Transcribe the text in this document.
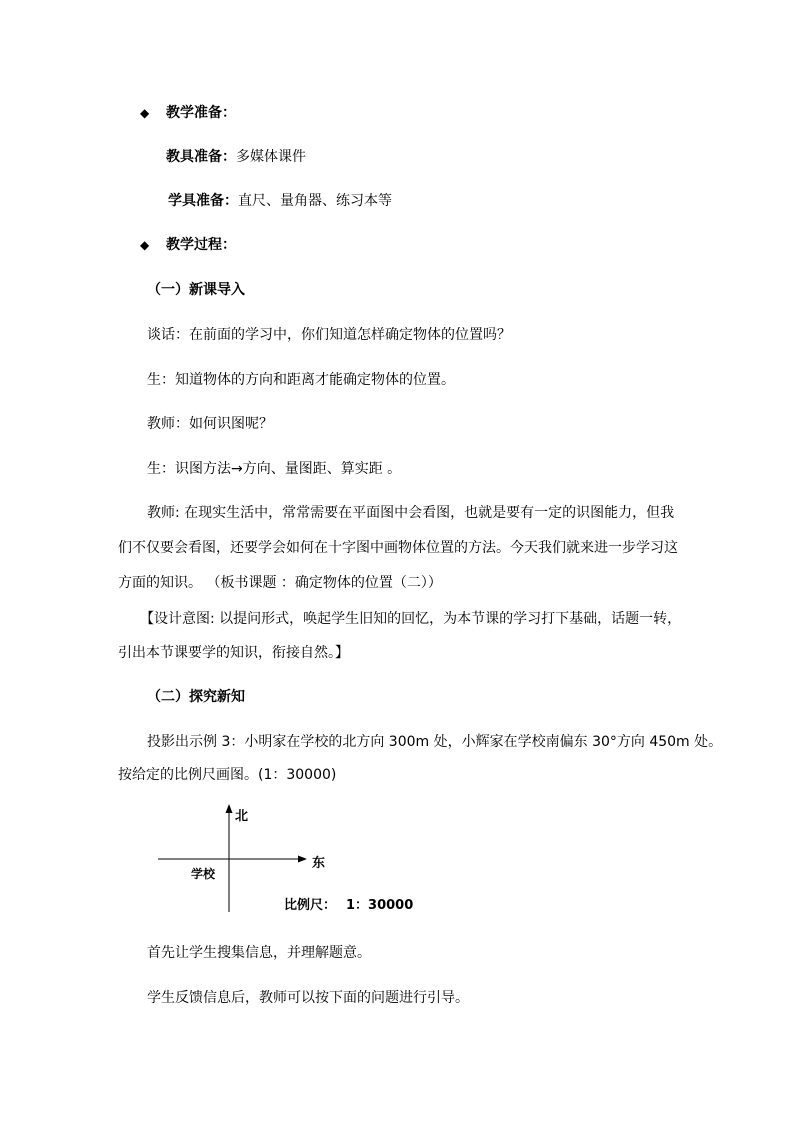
◆ 教学准备：
教具准备：多媒体课件
学具准备：直尺、量角器、练习本等
◆ 教学过程：
（一）新课导入
谈话：在前面的学习中，你们知道怎样确定物体的位置吗？
生：知道物体的方向和距离才能确定物体的位置。
教师：如何识图呢？
生：识图方法→方向、量图距、算实距 。
教师: 在现实生活中，常常需要在平面图中会看图，也就是要有一定的识图能力，但我
们不仅要会看图，还要学会如何在十字图中画物体位置的方法。今天我们就来进一步学习这
方面的知识。 （板书课题 ：确定物体的位置（二））
【设计意图: 以提问形式，唤起学生旧知的回忆，为本节课的学习打下基础，话题一转，
引出本节课要学的知识，衔接自然。】
（二）探究新知
投影出示例 3：小明家在学校的北方向 300m 处，小辉家在学校南偏东 30°方向 450m 处。
按给定的比例尺画图。(1：30000)
北
东
学校
比例尺： 1：30000
首先让学生搜集信息，并理解题意。
学生反馈信息后，教师可以按下面的问题进行引导。
